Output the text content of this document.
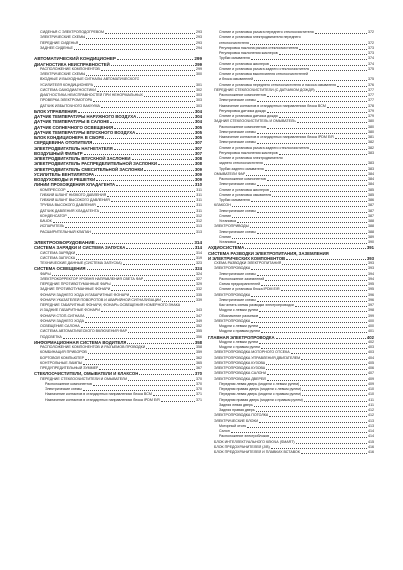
СИДЕНЬЯ С ЭЛЕКТРОПОДОГРЕВОМ	293
ЭЛЕКТРИЧЕСКИЕ СХЕМЫ	293
ПЕРЕДНИЕ СИДЕНЬЯ	293
ЗАДНЕЕ СИДЕНЬЕ	294
АВТОМАТИЧЕСКИЙ КОНДИЦИОНЕР	299
ДИАГНОСТИКА НЕИСПРАВНОСТЕЙ	299
РАСПОЛОЖЕНИЕ КОМПОНЕНТОВ	299
ЭЛЕКТРИЧЕСКИЕ СХЕМЫ	300
ВХОДНЫЕ И ВЫХОДНЫЕ СИГНАЛЫ АВТОМАТИЧЕСКОГО
УСИЛИТЕЛЯ КОНДИЦИОНЕРА	301
СИСТЕМА САМОДИАГНОСТИКИ	302
ДИАГНОСТИКА НЕИСПРАВНОСТЕЙ ПРИ НЕНОРМАЛЬНЫХ	303
ПРОВЕРКА ЭЛЕКТРОМОТОРА	303
ДАТЧИК ИЗБЫТОЧНОГО ВАКУУМА	303
БЛОК УПРАВЛЕНИЯ	304
ДАТЧИК ТЕМПЕРАТУРЫ НАРУЖНОГО ВОЗДУХА	304
ДАТЧИК ТЕМПЕРАТУРЫ В САЛОНЕ	304
ДАТЧИК СОЛНЕЧНОГО ОСВЕЩЕНИЯ	305
ДАТЧИК ТЕМПЕРАТУРЫ ВПУСКНОГО ВОЗДУХА	305
БЛОК КОНДИЦИОНЕРА В СБОРЕ	305
СЕРДЦЕВИНА ОТОПИТЕЛЯ	307
ЭЛЕКТРОДВИГАТЕЛЬ НАГНЕТАТЕЛЯ	307
ВОЗДУШНЫЙ ФИЛЬТР	307
ЭЛЕКТРОДВИГАТЕЛЬ ВПУСКНОЙ ЗАСЛОНКИ	308
ЭЛЕКТРОДВИГАТЕЛЬ РАСПРЕДЕЛИТЕЛЬНОЙ ЗАСЛОНКИ	308
ЭЛЕКТРОДВИГАТЕЛЬ СМЕСИТЕЛЬНОЙ ЗАСЛОНКИ	309
УСИЛИТЕЛЬ ВЕНТИЛЯТОРА	309
ВОЗДУХОВОДЫ И РЕШЕТКИ	309
ЛИНИИ ПРОХОЖДЕНИЯ ХЛАДАГЕНТА	310
КОМПРЕССОР	311
ГИБКИЙ ШЛАНГ НИЗКОГО ДАВЛЕНИЯ	311
ГИБКИЙ ШЛАНГ ВЫСОКОГО ДАВЛЕНИЯ	311
ТРУБКА ВЫСОКОГО ДАВЛЕНИЯ	311
ДАТЧИК ДАВЛЕНИЯ ХЛАДАГЕНТА	311
КОНДЕНСАТОР	312
БАЧОК	312
ИСПАРИТЕЛЬ	313
РАСШИРИТЕЛЬНЫЙ КЛАПАН	313
ЭЛЕКТРООБОРУДОВАНИЕ	314
СИСТЕМА ЗАРЯДКИ И СИСТЕМА ЗАПУСКА	314
СИСТЕМА ЗАРЯДКИ	314
СИСТЕМА ЗАПУСКА	319
ТЕХНИЧЕСКИЕ ДАННЫЕ (СИСТЕМА ЗАПУСКА)	323
СИСТЕМА ОСВЕЩЕНИЯ	324
ФАРЫ	324
ЭЛЕКТРОКОРРЕКТОР УРОВНЯ НАПРАВЛЕНИЯ СВЕТА ФАР	327
ПЕРЕДНИЕ ПРОТИВОТУМАННЫЕ ФАРЫ	329
ЗАДНИЕ ПРОТИВОТУМАННЫЕ ФОНАРИ	332
ФОНАРИ ЗАДНЕГО ХОДА И ГАБАРИТНЫЕ ФОНАРИ	335
ФОНАРИ УКАЗАТЕЛЕЙ ПОВОРОТОВ И АВАРИЙНОЙ СИГНАЛИЗАЦИИ	339
ПЕРЕДНИЕ ГАБАРИТНЫЕ ФОНАРИ, ФОНАРЬ ОСВЕЩЕНИЯ НОМЕРНОГО ЗНАКА
И ЗАДНИЕ ГАБАРИТНЫЕ ФОНАРИ	343
ФОНАРИ СТОП-СИГНАЛА	347
ФОНАРИ ЗАДНЕГО ХОДА	349
ОСВЕЩЕНИЕ САЛОНА	352
СИСТЕМА АВТОМАТИЧЕСКОГО ВКЛЮЧЕНИЯ ФАР	355
ПОДСВЕТКА	356
ИНФОРМАЦИОННАЯ СИСТЕМА ВОДИТЕЛЯ	358
РАСПОЛОЖЕНИЕ КОМПОНЕНТОВ И РАЗЪЕМОВ ПРОВОДКИ	358
КОМБИНАЦИЯ ПРИБОРОВ	359
БОРТОВОЙ КОМПЬЮТЕР	362
КОНТРОЛЬНЫЕ ЛАМПЫ	365
ПРЕДУПРЕДИТЕЛЬНЫЙ ЗУММЕР	367
СТЕКЛООЧИСТИТЕЛИ, ОМЫВАТЕЛИ И КЛАКСОН	370
ПЕРЕДНИЕ СТЕКЛООЧИСТИТЕЛИ И ОМЫВАТЕЛИ	370
Расположение компонентов	370
Электрические схемы	370
Назначение контактов в стандартных направлениях блока BCM	371
Назначение контактов в стандартных направлениях блока IPDM E/R	371
Снятие и установка рычага переднего стеклоочистителя	372
Снятие и установка электродвигателя переднего
стеклоочистителя	372
Регулировка наклона рычага стеклоочистителя	373
Регулировка наклонения жиклеров	373
Трубки омывателя	374
Снятие и установка жиклеров	374
Снятие и установка рычага заднего стеклоочистителя	375
Снятие и установка выключателя стеклоочистителей
и блока омывателей	375
Снятие и установка переднего стеклоочистителя и насоса омывателя	376
ПЕРЕДНИЕ СТЕКЛООЧИСТИТЕЛИ (С ДАТЧИКОМ ДОЖДЯ)	377
Расположение компонентов	377
Электрические схемы	377
Назначение контактов в стандартных направлениях блока BCM	378
Регулировка датчика дождя	379
Снятие и установка датчика дождя	379
ЗАДНИЙ СТЕКЛООЧИСТИТЕЛЬ И ОМЫВАТЕЛЬ	380
Расположение компонентов	380
Электрические схемы	380
Назначение контактов в стандартных направлениях блока IPDM E/R	381
Электрические схемы	382
Снятие и установка рычага заднего стеклоочистителя	382
Регулировка наклонения жиклеров	383
Снятие и установка электродвигателя
заднего стеклоочистителя	383
Трубки заднего омывателя	383
ОМЫВАТЕЛИ ФАР	384
Расположение компонентов	384
Электрические схемы	384
Снятие и установка жиклеров	385
Снятие и установка омывателя	385
Трубки омывателя	386
КЛАКСОН	387
Электрические схемы	387
Снятие	387
Установка	388
ЭЛЕКТРОПРИВОДЫ	388
Электрические схемы	388
Снятие	389
Установка	390
АУДИОСИСТЕМА	391
СИСТЕМА РАЗВОДКИ ЭЛЕКТРОПИТАНИЯ, ЗАЗЕМЛЕНИЯ
И ЭЛЕКТРИЧЕСКИХ КОМПОНЕНТОВ	393
СХЕМА РАЗВОДКИ ЭЛЕКТРОПИТАНИЯ	393
ЭЛЕКТРОПРОВОДКА	393
Электрические схемы	394
Расположение заземлений	394
Схема предохранителей	395
Снятие и установка блока IPDM E/R	395
ЭЛЕКТРОПРОВОДКА	396
Электрические схемы	396
Как читать схемы разводки электропроводки	397
Модули с левым рулем	398
Обозначение разъемов	399
ЭЛЕКТРОПРОВОДКА	400
Модули с левым рулем	400
Модули с правым рулем	401
ГЛАВНАЯ ЭЛЕКТРОПРОВОДКА	402
Модули с левым рулем	402
Модули с правым рулем	403
ЭЛЕКТРОПРОВОДКА МОТОРНОГО ОТСЕКА	403
ЭЛЕКТРОПРОВОДКА УПРАВЛЕНИЯ ДВИГАТЕЛЕМ	404
ЭЛЕКТРОПРОВОДКА КУЗОВА	405
ЭЛЕКТРОПРОВОДКА КУЗОВА	406
ЭЛЕКТРОПРОВОДКА САЛОНА	407
ЭЛЕКТРОПРОВОДКА ДВЕРЕЙ	409
Передняя левая дверь (модели с левым рулем)	409
Передняя правая дверь (модели с левым рулем)	410
Передняя левая дверь (модели с правым рулем)	410
Передняя правая дверь (модели с правым рулем)	411
Задняя левая дверь	411
Задняя правая дверь	412
ЭЛЕКТРОПРОВОДКА ПОТОЛКА	412
ЭЛЕКТРИЧЕСКИЕ БЛОКИ	413
Моторный отсек	413
Салон	414
Расположение электроблоков	414
БЛОК ИНТЕЛЛЕКТУАЛЬНОГО КЛЮЧА (SMART)	415
БЛОК ПРЕДОХРАНИТЕЛЕЙ (J/B)	416
БЛОК ПРЕДОХРАНИТЕЛЕЙ И ПЛАВКИХ ВСТАВОК	416
